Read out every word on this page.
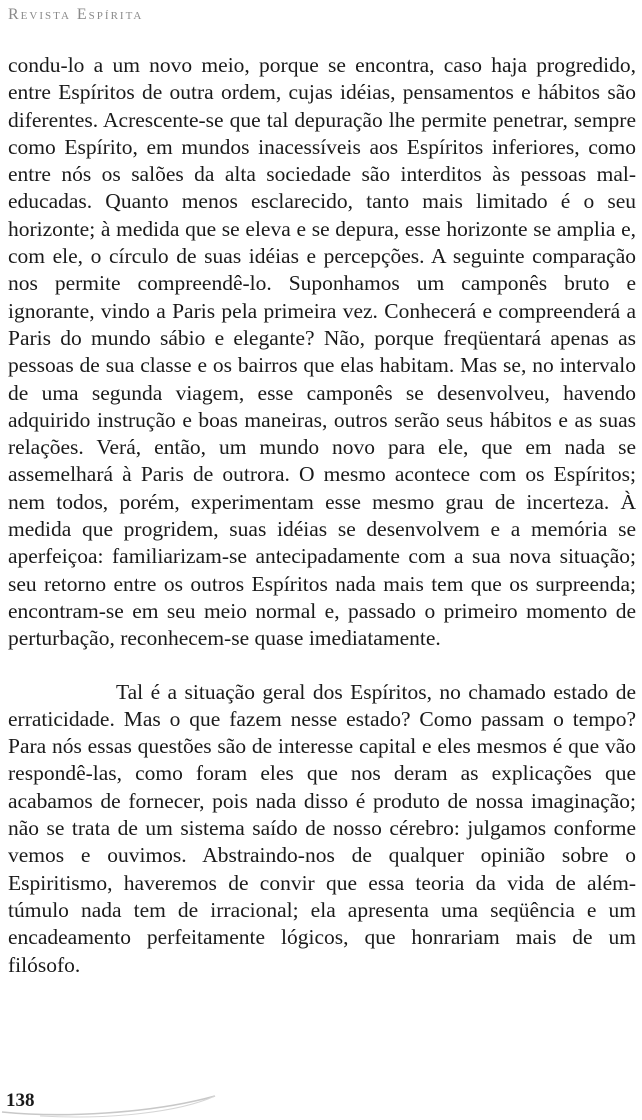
Revista Espírita

condu-lo a um novo meio, porque se encontra, caso haja progredido, entre Espíritos de outra ordem, cujas idéias, pensamentos e hábitos são diferentes. Acrescente-se que tal depuração lhe permite penetrar, sempre como Espírito, em mundos inacessíveis aos Espíritos inferiores, como entre nós os salões da alta sociedade são interditos às pessoas mal-educadas. Quanto menos esclarecido, tanto mais limitado é o seu horizonte; à medida que se eleva e se depura, esse horizonte se amplia e, com ele, o círculo de suas idéias e percepções. A seguinte comparação nos permite compreendê-lo. Suponhamos um camponês bruto e ignorante, vindo a Paris pela primeira vez. Conhecerá e compreenderá a Paris do mundo sábio e elegante? Não, porque freqüentará apenas as pessoas de sua classe e os bairros que elas habitam. Mas se, no intervalo de uma segunda viagem, esse camponês se desenvolveu, havendo adquirido instrução e boas maneiras, outros serão seus hábitos e as suas relações. Verá, então, um mundo novo para ele, que em nada se assemelhará à Paris de outrora. O mesmo acontece com os Espíritos; nem todos, porém, experimentam esse mesmo grau de incerteza. À medida que progridem, suas idéias se desenvolvem e a memória se aperfeiçoa: familiarizam-se antecipadamente com a sua nova situação; seu retorno entre os outros Espíritos nada mais tem que os surpreenda; encontram-se em seu meio normal e, passado o primeiro momento de perturbação, reconhecem-se quase imediatamente.

Tal é a situação geral dos Espíritos, no chamado estado de erraticidade. Mas o que fazem nesse estado? Como passam o tempo? Para nós essas questões são de interesse capital e eles mesmos é que vão respondê-las, como foram eles que nos deram as explicações que acabamos de fornecer, pois nada disso é produto de nossa imaginação; não se trata de um sistema saído de nosso cérebro: julgamos conforme vemos e ouvimos. Abstraindo-nos de qualquer opinião sobre o Espiritismo, haveremos de convir que essa teoria da vida de além-túmulo nada tem de irracional; ela apresenta uma seqüência e um encadeamento perfeitamente lógicos, que honrariam mais de um filósofo.

138
